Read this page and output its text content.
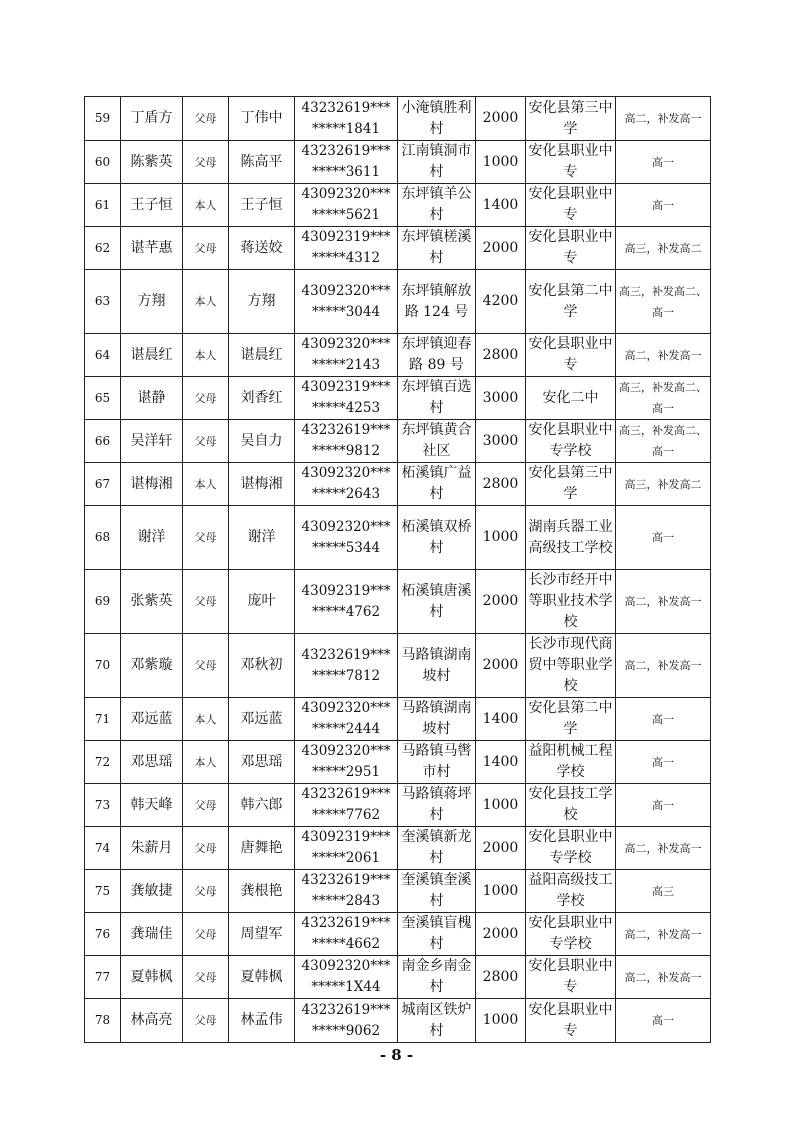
59	丁盾方	父母	丁伟中	43232619*** *****1841	小淹镇胜利村	2000	安化县第三中学	高二，补发高一
60	陈紫英	父母	陈高平	43232619*** *****3611	江南镇洞市村	1000	安化县职业中专	高一
61	王子恒	本人	王子恒	43092320*** *****5621	东坪镇羊公村	1400	安化县职业中专	高一
62	谌芊惠	父母	蒋送姣	43092319*** *****4312	东坪镇槎溪村	2000	安化县职业中专	高三，补发高二
63	方翔	本人	方翔	43092320*** *****3044	东坪镇解放路 124 号	4200	安化县第二中学	高三，补发高二、高一
64	谌晨红	本人	谌晨红	43092320*** *****2143	东坪镇迎春路 89 号	2800	安化县职业中专	高二，补发高一
65	谌静	父母	刘香红	43092319*** *****4253	东坪镇百选村	3000	安化二中	高三，补发高二、高一
66	吴洋轩	父母	吴自力	43232619*** *****9812	东坪镇黄合社区	3000	安化县职业中专学校	高三，补发高二、高一
67	谌梅湘	本人	谌梅湘	43092320*** *****2643	柘溪镇广益村	2800	安化县第三中学	高三，补发高二
68	谢洋	父母	谢洋	43092320*** *****5344	柘溪镇双桥村	1000	湖南兵器工业高级技工学校	高一
69	张紫英	父母	庞叶	43092319*** *****4762	柘溪镇唐溪村	2000	长沙市经开中等职业技术学校	高二，补发高一
70	邓紫璇	父母	邓秋初	43232619*** *****7812	马路镇湖南坡村	2000	长沙市现代商贸中等职业学校	高二，补发高一
71	邓远蓝	本人	邓远蓝	43092320*** *****2444	马路镇湖南坡村	1400	安化县第二中学	高一
72	邓思瑶	本人	邓思瑶	43092320*** *****2951	马路镇马辔市村	1400	益阳机械工程学校	高一
73	韩天峰	父母	韩六郎	43232619*** *****7762	马路镇蒋坪村	1000	安化县技工学校	高一
74	朱薪月	父母	唐舞艳	43092319*** *****2061	奎溪镇新龙村	2000	安化县职业中专学校	高二，补发高一
75	龚敏捷	父母	龚根艳	43232619*** *****2843	奎溪镇奎溪村	1000	益阳高级技工学校	高三
76	龚瑞佳	父母	周望军	43232619*** *****4662	奎溪镇盲槐村	2000	安化县职业中专学校	高二，补发高一
77	夏韩枫	父母	夏韩枫	43092320*** *****1X44	南金乡南金村	2800	安化县职业中专	高二，补发高一
78	林高亮	父母	林孟伟	43232619*** *****9062	城南区铁炉村	1000	安化县职业中专	高一
- 8 -
